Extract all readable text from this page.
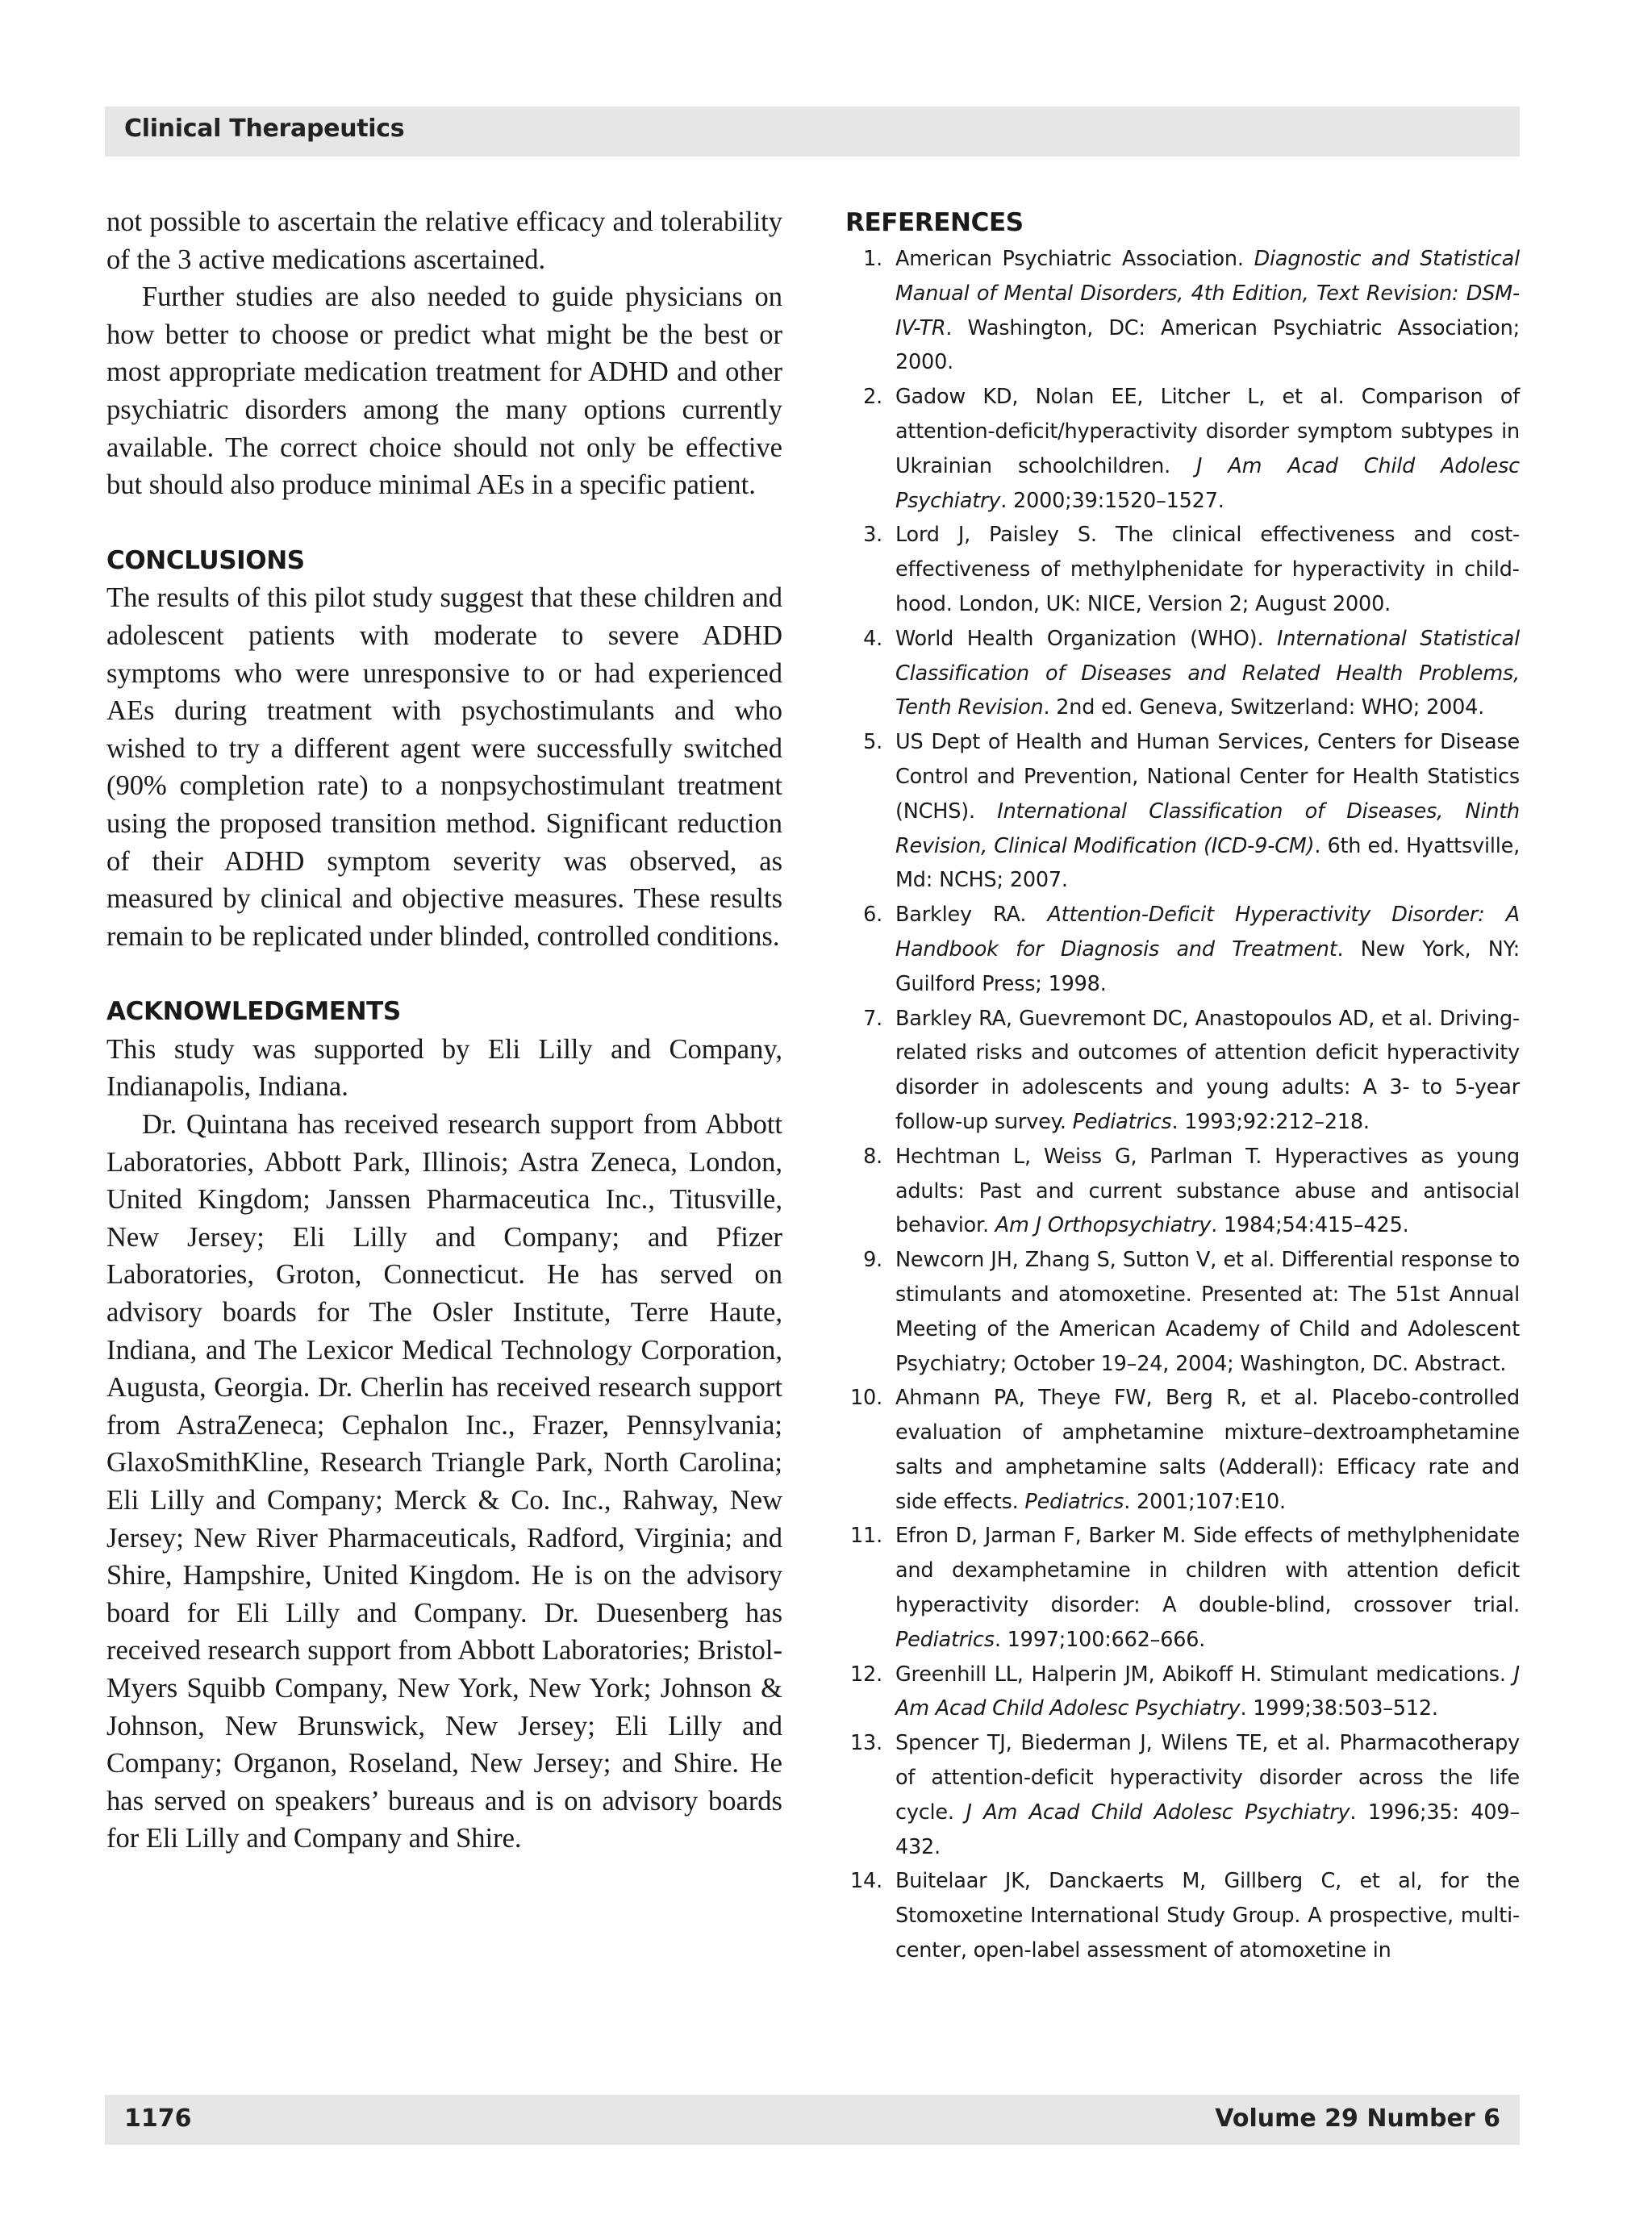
Clinical Therapeutics

not possible to ascertain the relative efficacy and tolerability of the 3 active medications ascertained.

Further studies are also needed to guide physicians on how better to choose or predict what might be the best or most appropriate medication treatment for ADHD and other psychiatric disorders among the many options currently available. The correct choice should not only be effective but should also produce minimal AEs in a specific patient.

CONCLUSIONS

The results of this pilot study suggest that these children and adolescent patients with moderate to severe ADHD symptoms who were unresponsive to or had experienced AEs during treatment with psychostimulants and who wished to try a different agent were successfully switched (90% completion rate) to a nonpsychostimulant treatment using the proposed transition method. Significant reduction of their ADHD symptom severity was observed, as measured by clinical and objective measures. These results remain to be replicated under blinded, controlled conditions.

ACKNOWLEDGMENTS

This study was supported by Eli Lilly and Company, Indianapolis, Indiana.

Dr. Quintana has received research support from Abbott Laboratories, Abbott Park, Illinois; Astra Zeneca, London, United Kingdom; Janssen Pharmaceutica Inc., Titusville, New Jersey; Eli Lilly and Company; and Pfizer Laboratories, Groton, Connecticut. He has served on advisory boards for The Osler Institute, Terre Haute, Indiana, and The Lexicor Medical Technology Corporation, Augusta, Georgia. Dr. Cherlin has received research support from AstraZeneca; Cephalon Inc., Frazer, Pennsylvania; GlaxoSmithKline, Research Triangle Park, North Carolina; Eli Lilly and Company; Merck & Co. Inc., Rahway, New Jersey; New River Pharmaceuticals, Radford, Virginia; and Shire, Hampshire, United Kingdom. He is on the advisory board for Eli Lilly and Company. Dr. Duesenberg has received research support from Abbott Laboratories; Bristol-Myers Squibb Company, New York, New York; Johnson & Johnson, New Brunswick, New Jersey; Eli Lilly and Company; Organon, Roseland, New Jersey; and Shire. He has served on speakers’ bureaus and is on advisory boards for Eli Lilly and Company and Shire.

REFERENCES

1. American Psychiatric Association. Diagnostic and Statistical Manual of Mental Disorders, 4th Edition, Text Revision: DSM-IV-TR. Washington, DC: American Psychiatric Association; 2000.

2. Gadow KD, Nolan EE, Litcher L, et al. Comparison of attention-deficit/hyperactivity disorder symptom subtypes in Ukrainian schoolchildren. J Am Acad Child Adolesc Psychiatry. 2000;39:1520–1527.

3. Lord J, Paisley S. The clinical effectiveness and cost-effectiveness of methylphenidate for hyperactivity in childhood. London, UK: NICE, Version 2; August 2000.

4. World Health Organization (WHO). International Statistical Classification of Diseases and Related Health Problems, Tenth Revision. 2nd ed. Geneva, Switzerland: WHO; 2004.

5. US Dept of Health and Human Services, Centers for Disease Control and Prevention, National Center for Health Statistics (NCHS). International Classification of Diseases, Ninth Revision, Clinical Modification (ICD-9-CM). 6th ed. Hyattsville, Md: NCHS; 2007.

6. Barkley RA. Attention-Deficit Hyperactivity Disorder: A Handbook for Diagnosis and Treatment. New York, NY: Guilford Press; 1998.

7. Barkley RA, Guevremont DC, Anastopoulos AD, et al. Driving-related risks and outcomes of attention deficit hyperactivity disorder in adolescents and young adults: A 3- to 5-year follow-up survey. Pediatrics. 1993;92:212–218.

8. Hechtman L, Weiss G, Parlman T. Hyperactives as young adults: Past and current substance abuse and antisocial behavior. Am J Orthopsychiatry. 1984;54:415–425.

9. Newcorn JH, Zhang S, Sutton V, et al. Differential response to stimulants and atomoxetine. Presented at: The 51st Annual Meeting of the American Academy of Child and Adolescent Psychiatry; October 19–24, 2004; Washington, DC. Abstract.

10. Ahmann PA, Theye FW, Berg R, et al. Placebo-controlled evaluation of amphetamine mixture–dextroamphetamine salts and amphetamine salts (Adderall): Efficacy rate and side effects. Pediatrics. 2001;107:E10.

11. Efron D, Jarman F, Barker M. Side effects of methylphenidate and dexamphetamine in children with attention deficit hyperactivity disorder: A double-blind, crossover trial. Pediatrics. 1997;100:662–666.

12. Greenhill LL, Halperin JM, Abikoff H. Stimulant medications. J Am Acad Child Adolesc Psychiatry. 1999;38:503–512.

13. Spencer TJ, Biederman J, Wilens TE, et al. Pharmacotherapy of attention-deficit hyperactivity disorder across the life cycle. J Am Acad Child Adolesc Psychiatry. 1996;35: 409–432.

14. Buitelaar JK, Danckaerts M, Gillberg C, et al, for the Stomoxetine International Study Group. A prospective, multi-center, open-label assessment of atomoxetine in

1176	Volume 29 Number 6
